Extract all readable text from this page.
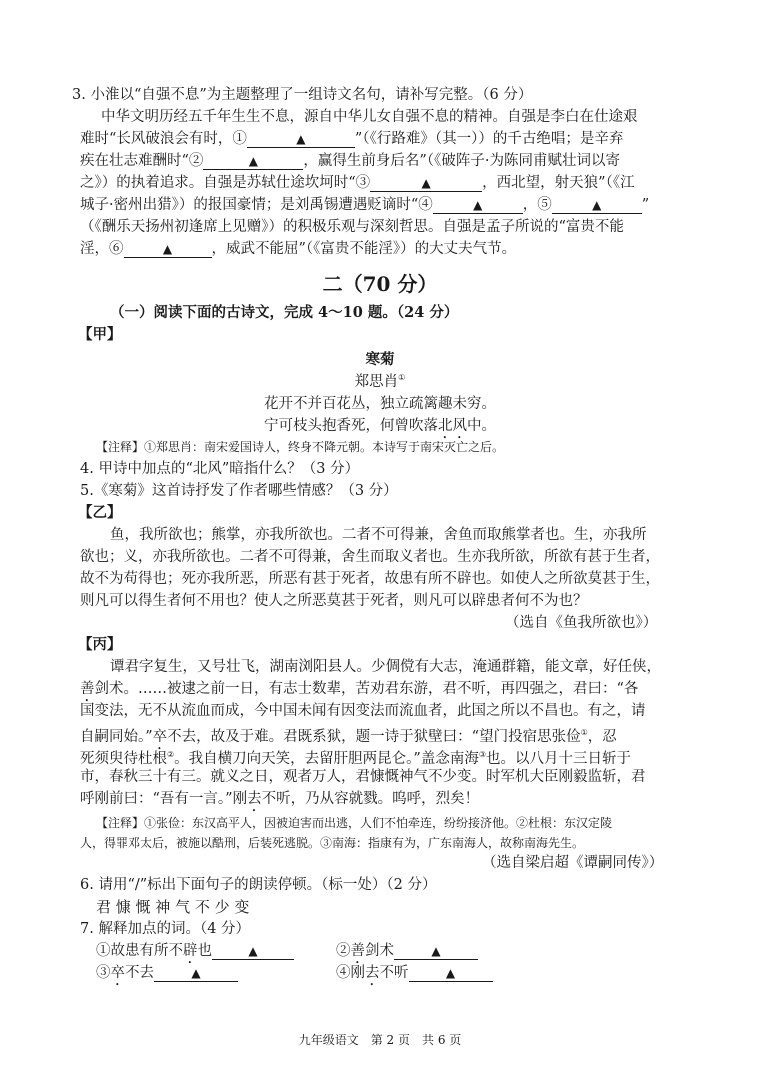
3. 小淮以“自强不息”为主题整理了一组诗文名句，请补写完整。（6 分）
中华文明历经五千年生生不息，源自中华儿女自强不息的精神。自强是李白在仕途艰
难时“长风破浪会有时，①	▲	”（《行路难》（其一））的千古绝唱；是辛弃
疾在壮志难酬时“②	▲	，赢得生前身后名”（《破阵子·为陈同甫赋壮词以寄
之》）的执着追求。自强是苏轼仕途坎坷时“③	▲	，西北望，射天狼”（《江
城子·密州出猎》）的报国豪情；是刘禹锡遭遇贬谪时“④	▲	，⑤	▲	”
（《酬乐天扬州初逢席上见赠》）的积极乐观与深刻哲思。自强是孟子所说的“富贵不能
淫，⑥	▲	，威武不能屈”（《富贵不能淫》）的大丈夫气节。
二（70 分）
（一）阅读下面的古诗文，完成 4～10 题。（24 分）
【甲】
寒菊
郑思肖①
花开不并百花丛，独立疏篱趣未穷。
宁可枝头抱香死，何曾吹落北风中。
【注释】①郑思肖：南宋爱国诗人，终身不降元朝。本诗写于南宋灭亡之后。
4. 甲诗中加点的“北风”暗指什么？（3 分）
5.《寒菊》这首诗抒发了作者哪些情感？（3 分）
【乙】
鱼，我所欲也；熊掌，亦我所欲也。二者不可得兼，舍鱼而取熊掌者也。生，亦我所
欲也；义，亦我所欲也。二者不可得兼，舍生而取义者也。生亦我所欲，所欲有甚于生者，
故不为苟得也；死亦我所恶，所恶有甚于死者，故患有所不辟也。如使人之所欲莫甚于生，
则凡可以得生者何不用也？使人之所恶莫甚于死者，则凡可以辟患者何不为也？
（选自《鱼我所欲也》）
【丙】
谭君字复生，又号壮飞，湖南浏阳县人。少倜傥有大志，淹通群籍，能文章，好任侠，
善剑术。……被逮之前一日，有志士数辈，苦劝君东游，君不听，再四强之，君曰：“各
国变法，无不从流血而成，今中国未闻有因变法而流血者，此国之所以不昌也。有之，请
自嗣同始。”卒不去，故及于难。君既系狱，题一诗于狱壁曰：“望门投宿思张俭①，忍
死须臾待杜根②。我自横刀向天笑，去留肝胆两昆仑。”盖念南海③也。以八月十三日斩于
市，春秋三十有三。就义之日，观者万人，君慷慨神气不少变。时军机大臣刚毅监斩，君
呼刚前曰：“吾有一言。”刚去不听，乃从容就戮。呜呼，烈矣！
【注释】①张俭：东汉高平人，因被迫害而出逃，人们不怕牵连，纷纷接济他。②杜根：东汉定陵
人，得罪邓太后，被施以酷刑，后装死逃脱。③南海：指康有为，广东南海人，故称南海先生。
（选自梁启超《谭嗣同传》）
6. 请用“/”标出下面句子的朗读停顿。（标一处）（2 分）
君 慷 慨 神 气 不 少 变
7. 解释加点的词。（4 分）
①故患有所不辟也	▲	②善剑术	▲
③卒不去	▲	④刚去不听	▲
九年级语文　第 2 页　共 6 页
